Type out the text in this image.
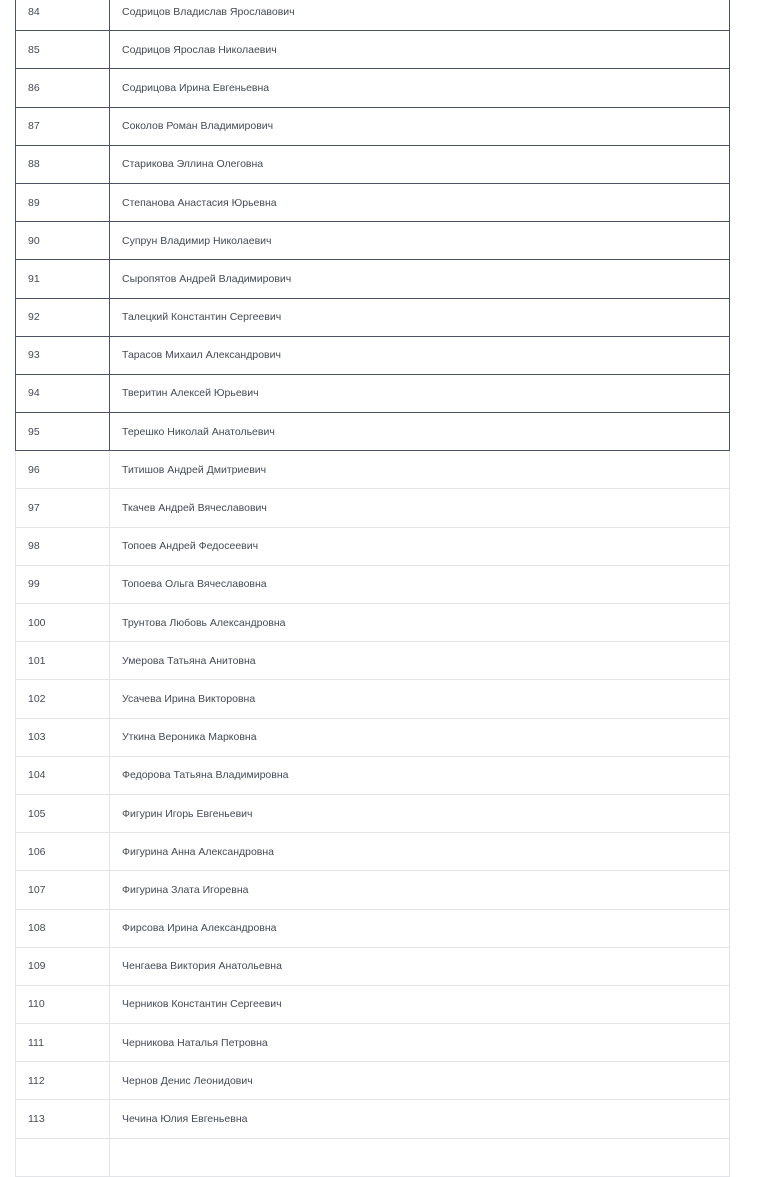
84	Содрицов Владислав Ярославович
85	Содрицов Ярослав Николаевич
86	Содрицова Ирина Евгеньевна
87	Соколов Роман Владимирович
88	Старикова Эллина Олеговна
89	Степанова Анастасия Юрьевна
90	Супрун Владимир Николаевич
91	Сыропятов Андрей Владимирович
92	Талецкий Константин Сергеевич
93	Тарасов Михаил Александрович
94	Тверитин Алексей Юрьевич
95	Терешко Николай Анатольевич
96	Титишов Андрей Дмитриевич
97	Ткачев Андрей Вячеславович
98	Топоев Андрей Федосеевич
99	Топоева Ольга Вячеславовна
100	Трунтова Любовь Александровна
101	Умерова Татьяна Анитовна
102	Усачева Ирина Викторовна
103	Уткина Вероника Марковна
104	Федорова Татьяна Владимировна
105	Фигурин Игорь Евгеньевич
106	Фигурина Анна Александровна
107	Фигурина Злата Игоревна
108	Фирсова Ирина Александровна
109	Ченгаева Виктория Анатольевна
110	Черников Константин Сергеевич
111	Черникова Наталья Петровна
112	Чернов Денис Леонидович
113	Чечина Юлия Евгеньевна
